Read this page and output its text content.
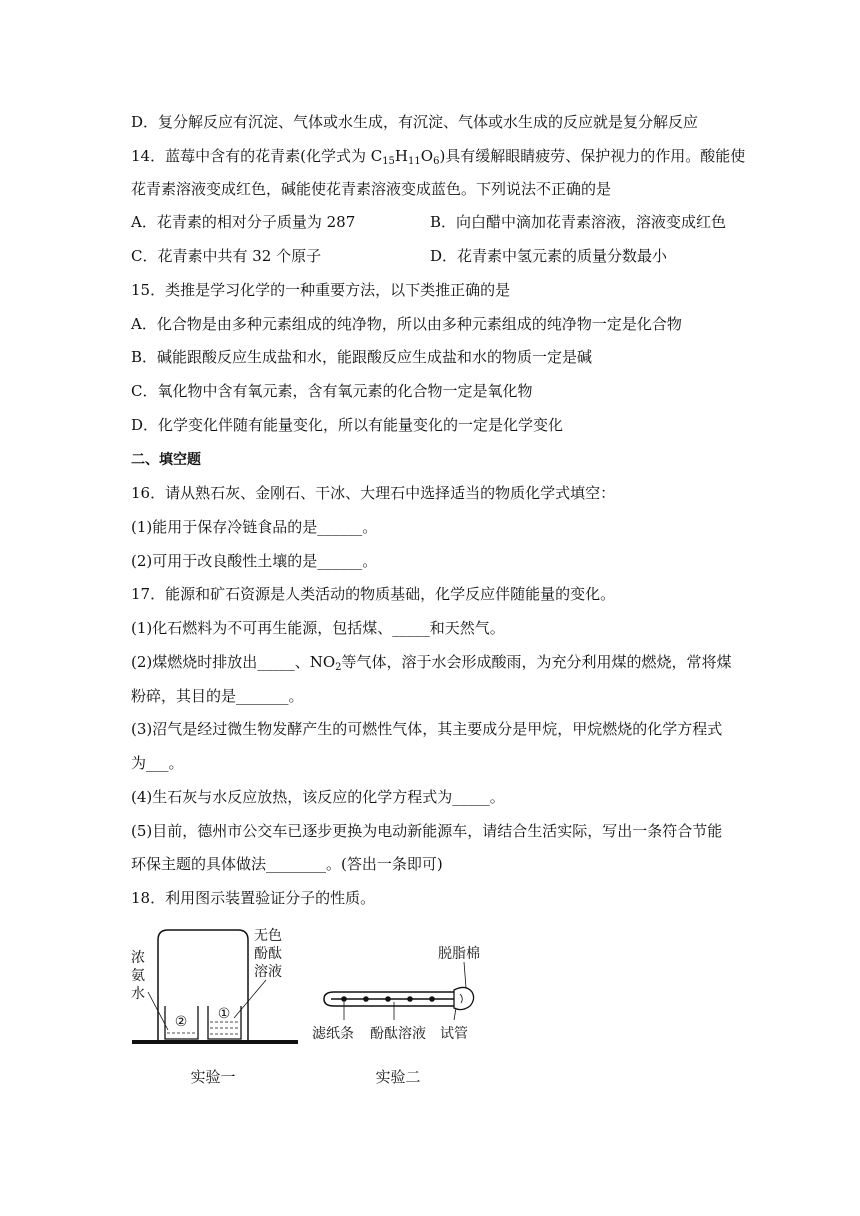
D．复分解反应有沉淀、气体或水生成，有沉淀、气体或水生成的反应就是复分解反应
14．蓝莓中含有的花青素(化学式为 $C_{15}H_{11}O_6$)具有缓解眼睛疲劳、保护视力的作用。酸能使
花青素溶液变成红色，碱能使花青素溶液变成蓝色。下列说法不正确的是
A．花青素的相对分子质量为 287	B．向白醋中滴加花青素溶液，溶液变成红色
C．花青素中共有 32 个原子	D．花青素中氢元素的质量分数最小
15．类推是学习化学的一种重要方法，以下类推正确的是
A．化合物是由多种元素组成的纯净物，所以由多种元素组成的纯净物一定是化合物
B．碱能跟酸反应生成盐和水，能跟酸反应生成盐和水的物质一定是碱
C．氧化物中含有氧元素，含有氧元素的化合物一定是氧化物
D．化学变化伴随有能量变化，所以有能量变化的一定是化学变化
二、填空题
16．请从熟石灰、金刚石、干冰、大理石中选择适当的物质化学式填空：
(1)能用于保存冷链食品的是______。
(2)可用于改良酸性土壤的是______。
17．能源和矿石资源是人类活动的物质基础，化学反应伴随能量的变化。
(1)化石燃料为不可再生能源，包括煤、_____和天然气。
(2)煤燃烧时排放出_____、$NO_2$等气体，溶于水会形成酸雨，为充分利用煤的燃烧，常将煤
粉碎，其目的是_______。
(3)沼气是经过微生物发酵产生的可燃性气体，其主要成分是甲烷，甲烷燃烧的化学方程式
为___。
(4)生石灰与水反应放热，该反应的化学方程式为_____。
(5)目前，德州市公交车已逐步更换为电动新能源车，请结合生活实际，写出一条符合节能
环保主题的具体做法________。(答出一条即可)
18．利用图示装置验证分子的性质。
② ①
浓
氨
水
无色
酚酞
溶液
实验一
脱脂棉
滤纸条 酚酞溶液 试管
实验二
